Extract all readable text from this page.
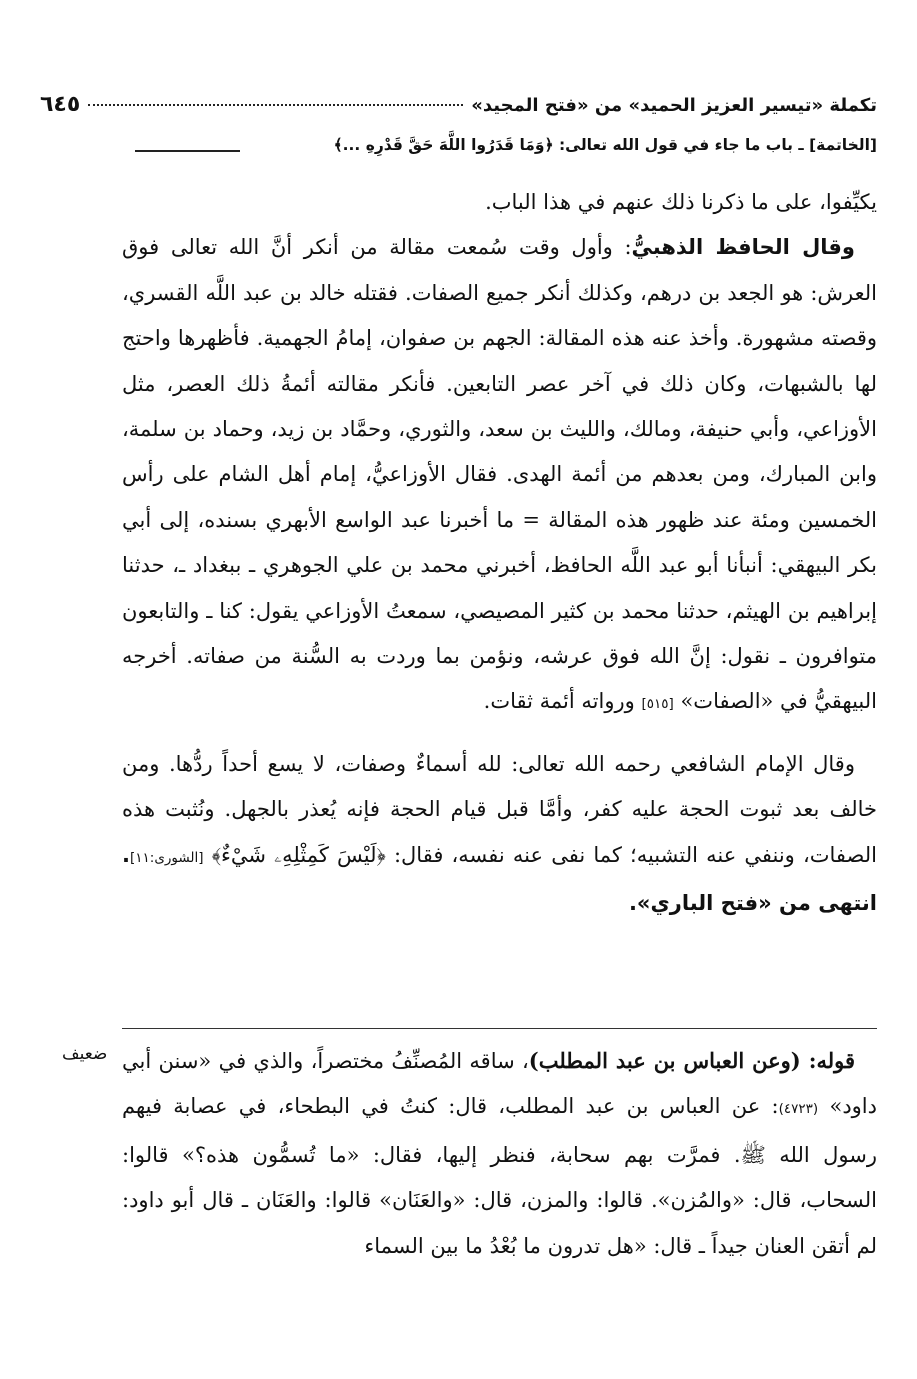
تكملة «تيسير العزيز الحميد» من «فتح المجيد»
٦٤٥
[الخاتمة] ـ باب ما جاء في قول الله تعالى: ﴿وَمَا قَدَرُوا اللَّهَ حَقَّ قَدْرِهِ ...﴾

يكيِّفوا، على ما ذكرنا ذلك عنهم في هذا الباب.

وقال الحافظ الذهبيُّ: وأول وقت سُمعت مقالة من أنكر أنَّ الله تعالى فوق العرش: هو الجعد بن درهم، وكذلك أنكر جميع الصفات. فقتله خالد بن عبد اللَّه القسري، وقصته مشهورة. وأخذ عنه هذه المقالة: الجهم بن صفوان، إمامُ الجهمية. فأظهرها واحتج لها بالشبهات، وكان ذلك في آخر عصر التابعين. فأنكر مقالته أئمةُ ذلك العصر، مثل الأوزاعي، وأبي حنيفة، ومالك، والليث بن سعد، والثوري، وحمَّاد بن زيد، وحماد بن سلمة، وابن المبارك، ومن بعدهم من أئمة الهدى. فقال الأوزاعيُّ، إمام أهل الشام على رأس الخمسين ومئة عند ظهور هذه المقالة = ما أخبرنا عبد الواسع الأبهري بسنده، إلى أبي بكر البيهقي: أنبأنا أبو عبد اللَّه الحافظ، أخبرني محمد بن علي الجوهري ـ ببغداد ـ، حدثنا إبراهيم بن الهيثم، حدثنا محمد بن كثير المصيصي، سمعتُ الأوزاعي يقول: كنا ـ والتابعون متوافرون ـ نقول: إنَّ الله فوق عرشه، ونؤمن بما وردت به السُّنة من صفاته. أخرجه البيهقيُّ في «الصفات» [٥١٥] ورواته أئمة ثقات.

وقال الإمام الشافعي رحمه الله تعالى: لله أسماءٌ وصفات، لا يسع أحداً ردُّها. ومن خالف بعد ثبوت الحجة عليه كفر، وأمَّا قبل قيام الحجة فإنه يُعذر بالجهل. ونُثبت هذه الصفات، وننفي عنه التشبيه؛ كما نفى عنه نفسه، فقال: ﴿لَيْسَ كَمِثْلِهِۦ شَيْءٌ﴾ [الشورى:١١]. انتهى من «فتح الباري».

ضعيف	قوله: (وعن العباس بن عبد المطلب)، ساقه المُصنِّفُ مختصراً، والذي في «سنن أبي داود» (٤٧٢٣): عن العباس بن عبد المطلب، قال: كنتُ في البطحاء، في عصابة فيهم رسول الله ﷺ. فمرَّت بهم سحابة، فنظر إليها، فقال: «ما تُسمُّون هذه؟» قالوا: السحاب، قال: «والمُزن». قالوا: والمزن، قال: «والعَنَان» قالوا: والعَنَان ـ قال أبو داود: لم أتقن العنان جيداً ـ قال: «هل تدرون ما بُعْدُ ما بين السماء
